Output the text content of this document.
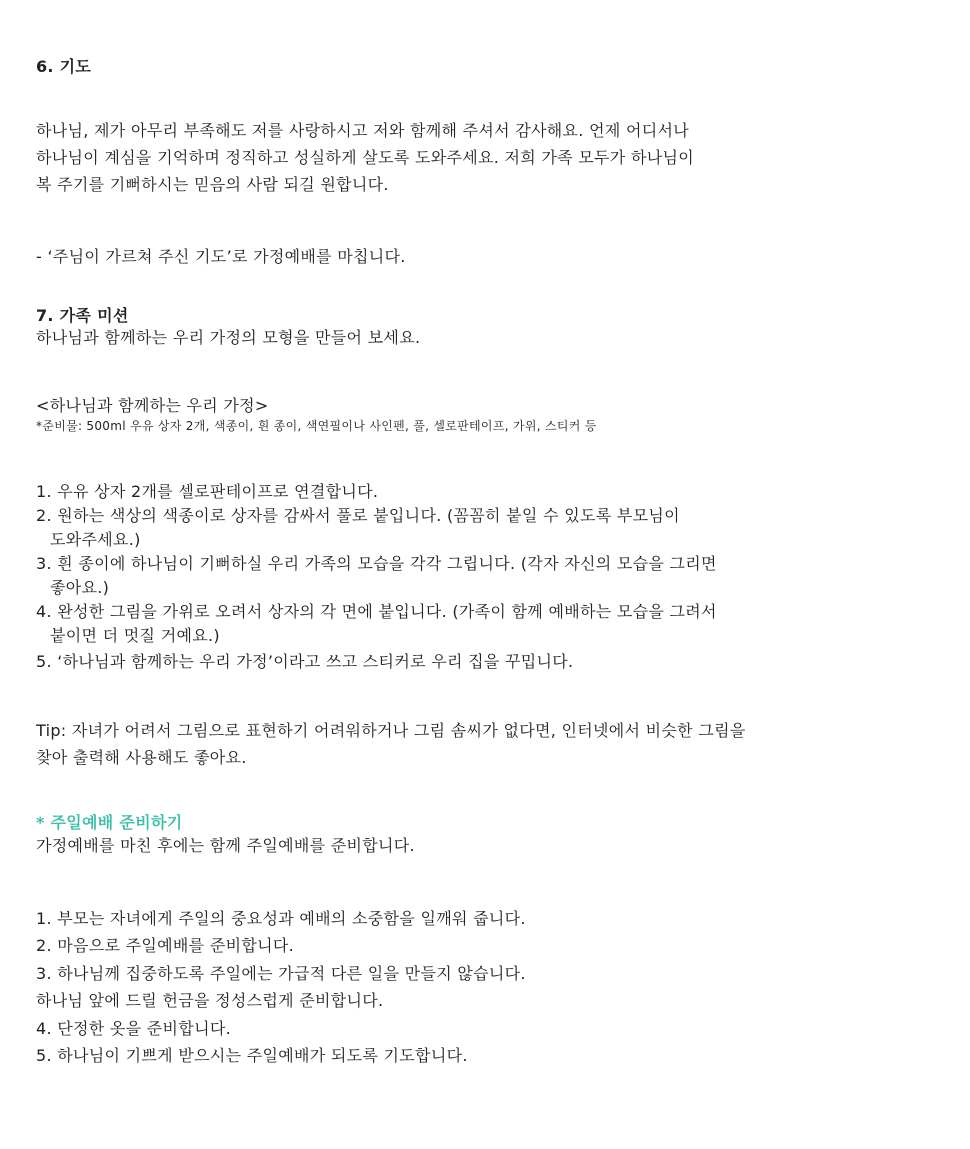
6. 기도

하나님, 제가 아무리 부족해도 저를 사랑하시고 저와 함께해 주셔서 감사해요. 언제 어디서나

하나님이 계심을 기억하며 정직하고 성실하게 살도록 도와주세요. 저희 가족 모두가 하나님이

복 주기를 기뻐하시는 믿음의 사람 되길 원합니다.

- ‘주님이 가르쳐 주신 기도’로 가정예배를 마칩니다.

7. 가족 미션

하나님과 함께하는 우리 가정의 모형을 만들어 보세요.

<하나님과 함께하는 우리 가정>

*준비물: 500ml 우유 상자 2개, 색종이, 흰 종이, 색연필이나 사인펜, 풀, 셀로판테이프, 가위, 스티커 등

1. 우유 상자 2개를 셀로판테이프로 연결합니다.

2. 원하는 색상의 색종이로 상자를 감싸서 풀로 붙입니다. (꼼꼼히 붙일 수 있도록 부모님이

도와주세요.)

3. 흰 종이에 하나님이 기뻐하실 우리 가족의 모습을 각각 그립니다. (각자 자신의 모습을 그리면

좋아요.)

4. 완성한 그림을 가위로 오려서 상자의 각 면에 붙입니다. (가족이 함께 예배하는 모습을 그려서

붙이면 더 멋질 거예요.)

5. ‘하나님과 함께하는 우리 가정’이라고 쓰고 스티커로 우리 집을 꾸밉니다.

Tip: 자녀가 어려서 그림으로 표현하기 어려워하거나 그림 솜씨가 없다면, 인터넷에서 비슷한 그림을

찾아 출력해 사용해도 좋아요.

* 주일예배 준비하기

가정예배를 마친 후에는 함께 주일예배를 준비합니다.

1. 부모는 자녀에게 주일의 중요성과 예배의 소중함을 일깨워 줍니다.

2. 마음으로 주일예배를 준비합니다.

3. 하나님께 집중하도록 주일에는 가급적 다른 일을 만들지 않습니다.

하나님 앞에 드릴 헌금을 정성스럽게 준비합니다.

4. 단정한 옷을 준비합니다.

5. 하나님이 기쁘게 받으시는 주일예배가 되도록 기도합니다.
